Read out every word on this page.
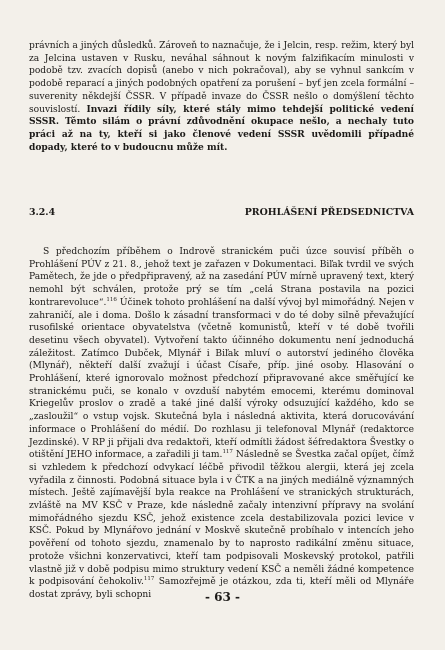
právních a jiných důsledků. Zároveň to naznačuje, že i Jelcin, resp. režim, který byl za Jelcina ustaven v Rusku, neváhal sáhnout k novým falzifikacím minulosti v podobě tzv. zvacích dopisů (anebo v nich pokračoval), aby se vyhnul sankcím v podobě reparací a jiných podobných opatření za porušení – byť jen zcela formální – suverenity někdejší ČSSR. V případě invaze do ČSSR nešlo o domýšlení těchto souvislostí. Invazi řídily síly, které stály mimo tehdejší politické vedení SSSR. Těmto silám o právní zdůvodnění okupace nešlo, a nechaly tuto práci až na ty, kteří si jako členové vedení SSSR uvědomili případné dopady, které to v budoucnu může mít.

3.2.4	PROHLÁŠENÍ PŘEDSEDNICTVA

S předchozím příběhem o Indrově stranickém puči úzce souvisí příběh o Prohlášení PÚV z 21. 8., jehož text je zařazen v Dokumentaci. Biľak tvrdil ve svých Pamětech, že jde o předpřipravený, až na zasedání PÚV mírně upravený text, který nemohl být schválen, protože prý se tím „celá Strana postavila na pozici kontrarevoluce“.$^{116}$ Účinek tohoto prohlášení na další vývoj byl mimořádný. Nejen v zahraničí, ale i doma. Došlo k zásadní transformaci v do té doby silně převažující rusofilské orientace obyvatelstva (včetně komunistů, kteří v té době tvořili desetinu všech obyvatel). Vytvoření takto účinného dokumentu není jednoduchá záležitost. Zatímco Dubček, Mlynář i Biľak mluví o autorství jediného člověka (Mlynář), někteří další zvažují i účast Císaře, příp. jiné osoby. Hlasování o Prohlášení, které ignorovalo možnost předchozí připravované akce směřující ke stranickému puči, se konalo v ovzduší nabytém emocemi, kterému dominoval Kriegelův proslov o zradě a také jiné další výroky odsuzující každého, kdo se „zasloužil“ o vstup vojsk. Skutečná byla i následná aktivita, která dorucovávání informace o Prohlášení do médií. Do rozhlasu ji telefonoval Mlynář (redaktorce Jezdinské). V RP ji přijali dva redaktoři, kteří odmítli žádost šéfredaktora Švestky o otištění JEHO informace, a zařadili ji tam.$^{117}$ Následně se Švestka začal opíjet, čímž si vzhledem k předchozí odvykací léčbě přivodil těžkou alergii, která jej zcela vyřadila z činnosti. Podobná situace byla i v ČTK a na jiných mediálně významných místech. Ještě zajímavější byla reakce na Prohlášení ve stranických strukturách, zvláště na MV KSČ v Praze, kde následně začaly intenzivní přípravy na svolání mimořádného sjezdu KSČ, jehož existence zcela destabilizovala pozici levice v KSČ. Pokud by Mlynářovo jednání v Moskvě skutečně probíhalo v intencích jeho pověření od tohoto sjezdu, znamenalo by to naprosto radikální změnu situace, protože všichni konzervativci, kteří tam podpisovali Moskevský protokol, patřili vlastně již v době podpisu mimo struktury vedení KSČ a neměli žádné kompetence k podpisování čehokoliv.$^{117}$ Samozřejmě je otázkou, zda ti, kteří měli od Mlynáře dostat zprávy, byli schopni	- 63 -
